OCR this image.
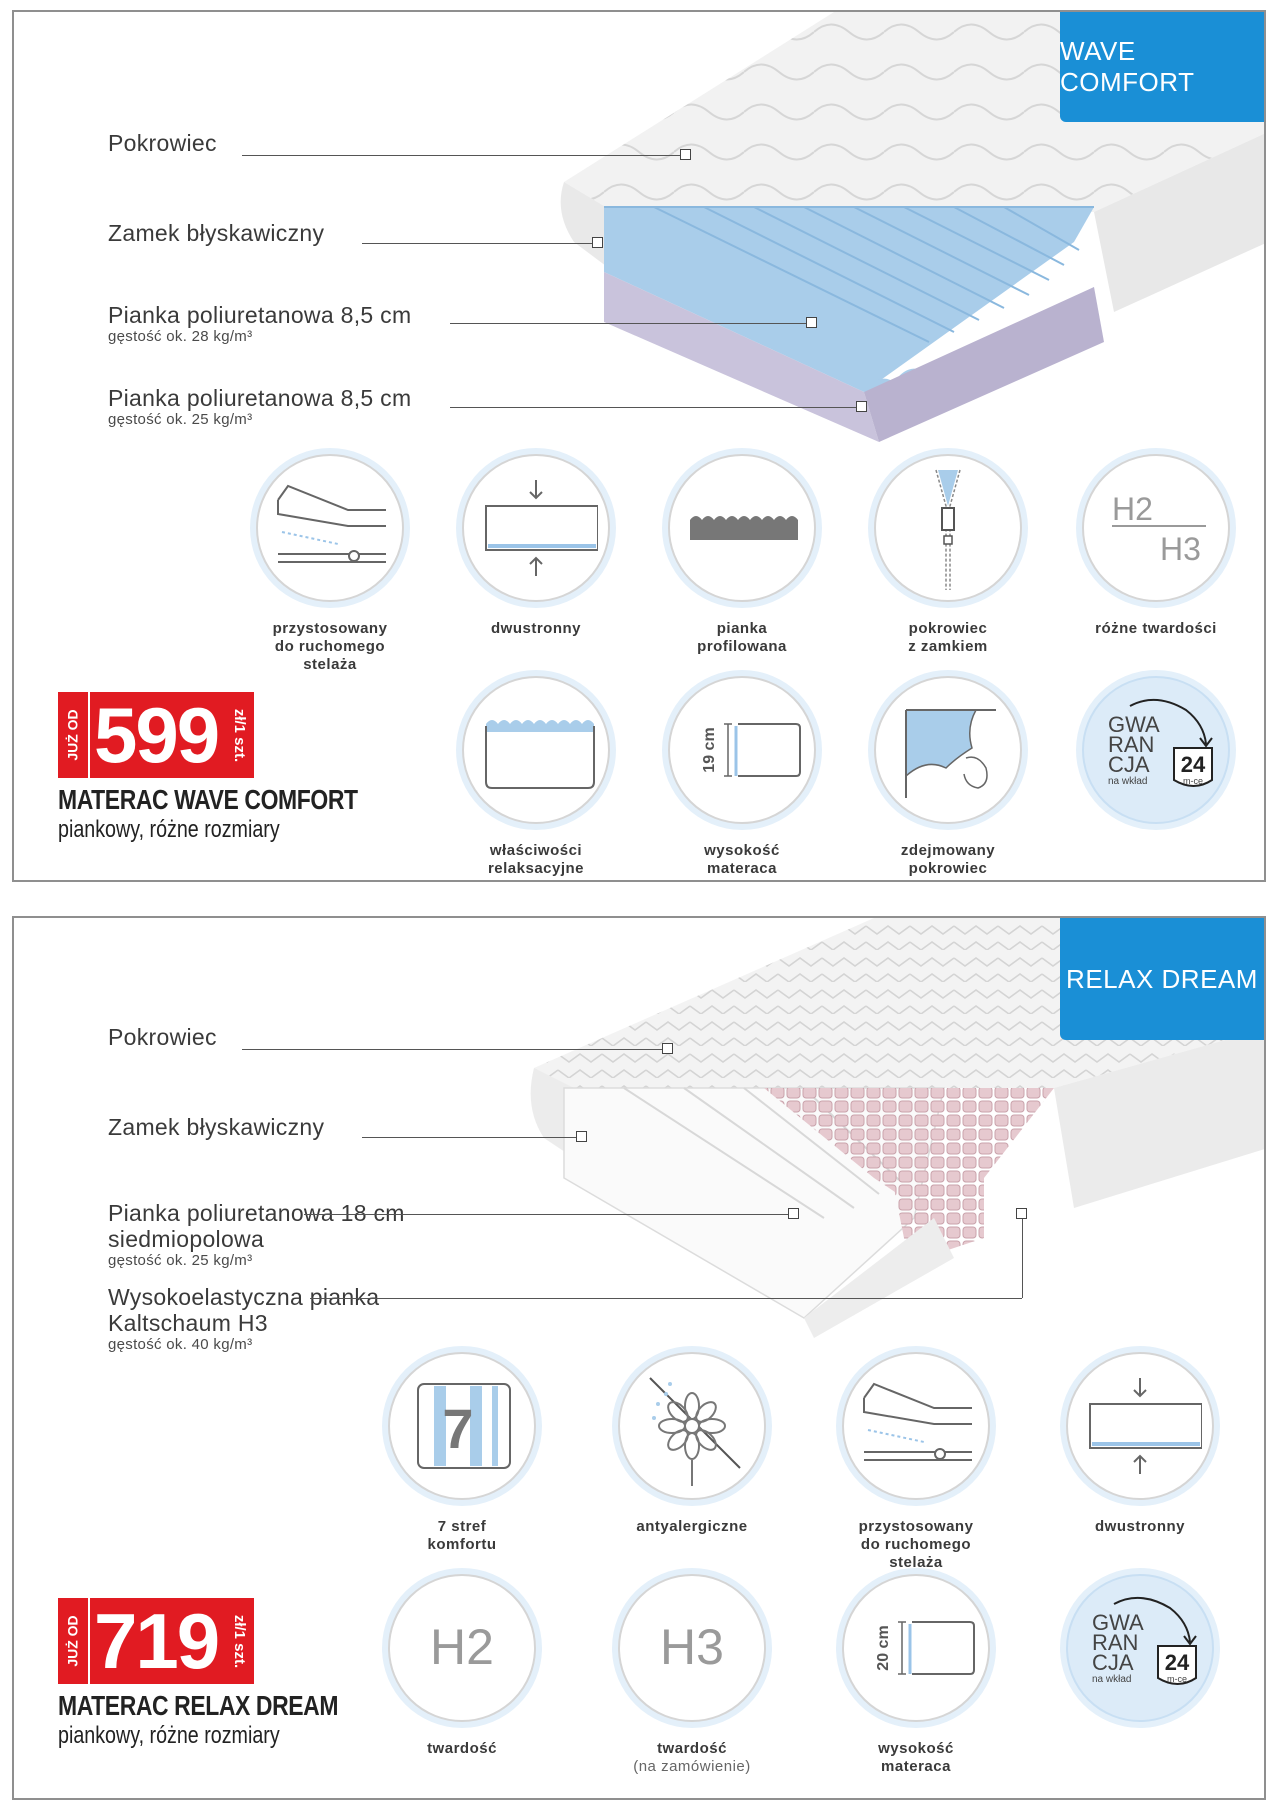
WAVE COMFORT
Pokrowiec
Zamek błyskawiczny
Pianka poliuretanowa 8,5 cm
gęstość ok. 28 kg/m³
Pianka poliuretanowa 8,5 cm
gęstość ok. 25 kg/m³
przystosowany
do ruchomego
stelaża
dwustronny	pianka
profilowana
pokrowiec
z zamkiem
H2
H3
różne twardości
właściwości
relaksacyjne
19 cm
wysokość
materaca
zdejmowany
pokrowiec
GWA
RAN
CJA
na wkład
24
m-ce
JUŻ OD 599 zł/1 szt.
MATERAC WAVE COMFORT
piankowy, różne rozmiary
RELAX DREAM
Pokrowiec
Zamek błyskawiczny

Pianka poliuretanowa 18 cm
siedmiopolowa

gęstość ok. 25 kg/m³

Wysokoelastyczna pianka
Kaltschaum H3

gęstość ok. 40 kg/m³

7
7 stref
komfortu
antyalergiczne	przystosowany
do ruchomego
stelaża
dwustronny
H2
twardość
H3
twardość
(na zamówienie)
20 cm
wysokość
materaca
GWA
RAN
CJA
na wkład
24
m-ce
JUŻ OD 719 zł/1 szt.
MATERAC RELAX DREAM
piankowy, różne rozmiary
